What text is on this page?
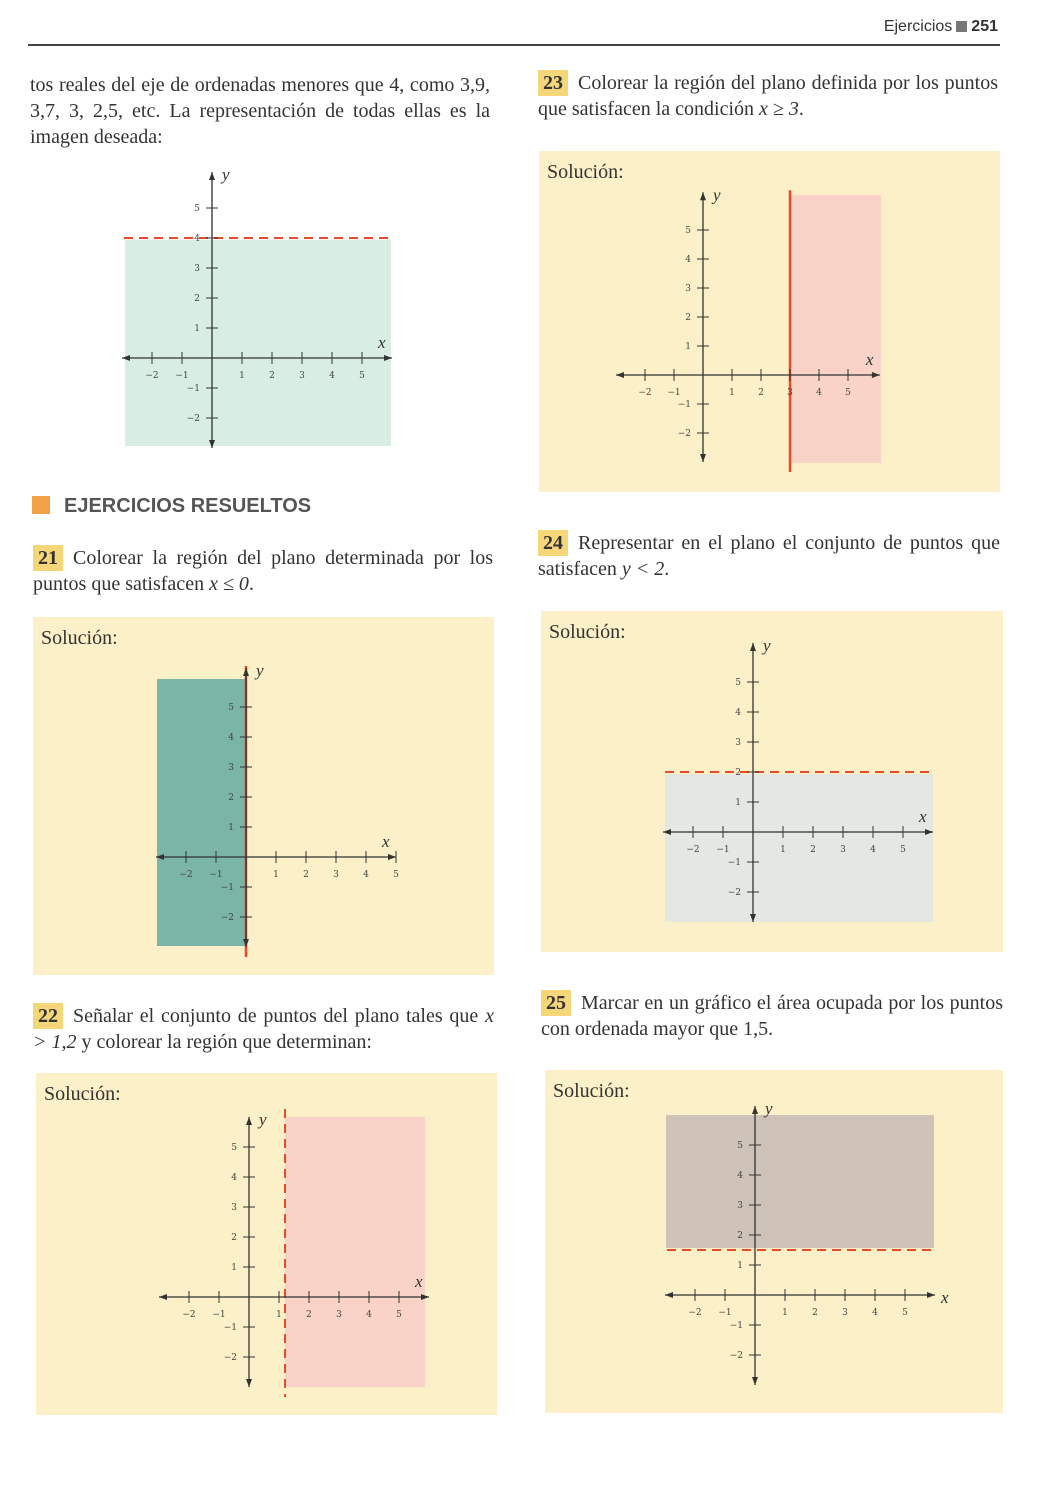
Ejercicios 251
tos reales del eje de ordenadas menores que 4, como 3,9, 3,7, 3, 2,5, etc. La representación de todas ellas es la imagen deseada:
−2 −1	1	2	3	4	5
5
4
3
2
1
−1
−2
x
y
EJERCICIOS RESUELTOS
21 Colorear la región del plano determinada por los puntos que satisfacen x ≤ 0.
Solución:
−2 −1	1	2	3	4	5
5
4
3
2
1
−1
−2
x
y
22 Señalar el conjunto de puntos del plano tales que x > 1,2 y colorear la región que determinan:
Solución:
−2 −1	1	2	3	4	5
5
4
3
2
1
−1
−2
x
y
23 Colorear la región del plano definida por los puntos que satisfacen la condición x ≥ 3.
Solución:
−2 −1	1	2	3	4	5
5
4
3
2
1
−1
−2
x
y
24 Representar en el plano el conjunto de puntos que satisfacen y < 2.
Solución:
−2 −1	1	2	3	4	5
5
4
3
2
1
−1
−2
x
y
25 Marcar en un gráfico el área ocupada por los puntos con ordenada mayor que 1,5.
Solución:
−2 −1	1	2	3	4	5
5
4
3
2
1
−1
−2
x
y
